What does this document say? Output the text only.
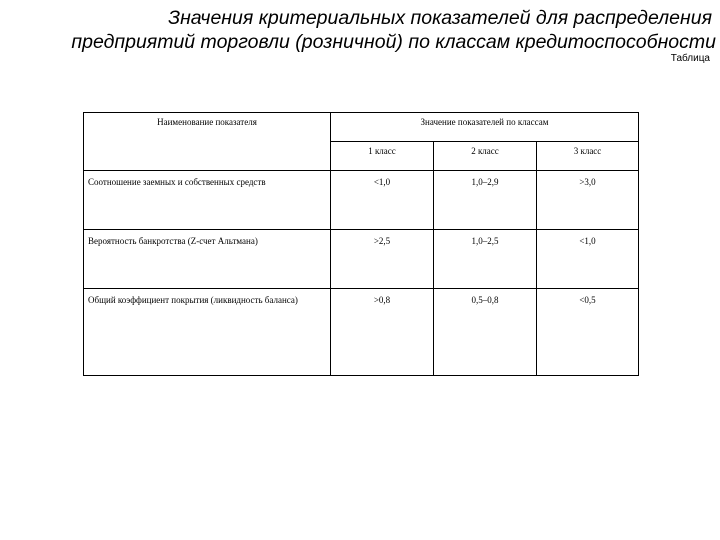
Значения критериальных показателей для распределения
предприятий торговли (розничной) по классам кредитоспособности
Таблица
Наименование показателя	Значение показателей по классам		

	1 класс	2 класс	3 класс

Соотношение заемных и собственных средств	<1,0	1,0–2,9	>3,0

Вероятность банкротства (Z-счет Альтмана)	>2,5	1,0–2,5	<1,0

Общий коэффициент покрытия (ликвидность баланса)	>0,8	0,5–0,8	<0,5
